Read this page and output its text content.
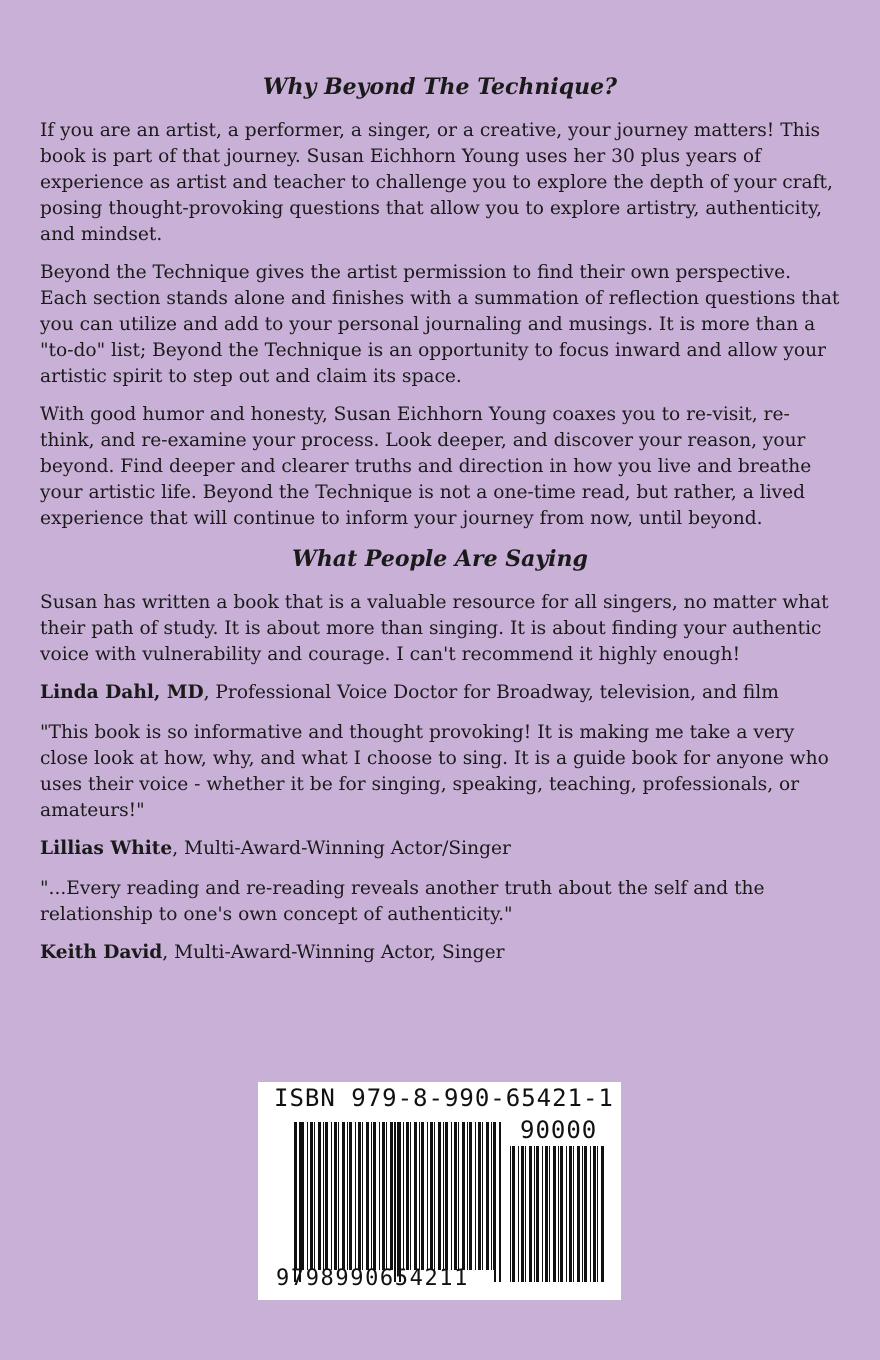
Why Beyond The Technique?

If you are an artist, a performer, a singer, or a creative, your journey matters! This book is part of that journey. Susan Eichhorn Young uses her 30 plus years of experience as artist and teacher to challenge you to explore the depth of your craft, posing thought-provoking questions that allow you to explore artistry, authenticity, and mindset.

Beyond the Technique gives the artist permission to find their own perspective. Each section stands alone and finishes with a summation of reflection questions that you can utilize and add to your personal journaling and musings. It is more than a "to-do" list; Beyond the Technique is an opportunity to focus inward and allow your artistic spirit to step out and claim its space.

With good humor and honesty, Susan Eichhorn Young coaxes you to re-visit, re-think, and re-examine your process. Look deeper, and discover your reason, your beyond. Find deeper and clearer truths and direction in how you live and breathe your artistic life. Beyond the Technique is not a one-time read, but rather, a lived experience that will continue to inform your journey from now, until beyond.

What People Are Saying

Susan has written a book that is a valuable resource for all singers, no matter what their path of study. It is about more than singing. It is about finding your authentic voice with vulnerability and courage. I can't recommend it highly enough!

Linda Dahl, MD, Professional Voice Doctor for Broadway, television, and film

"This book is so informative and thought provoking! It is making me take a very close look at how, why, and what I choose to sing. It is a guide book for anyone who uses their voice - whether it be for singing, speaking, teaching, professionals, or amateurs!"

Lillias White, Multi-Award-Winning Actor/Singer

"...Every reading and re-reading reveals another truth about the self and the relationship to one's own concept of authenticity."

Keith David, Multi-Award-Winning Actor, Singer

ISBN 979-8-990-65421-1
90000
9798990654211
